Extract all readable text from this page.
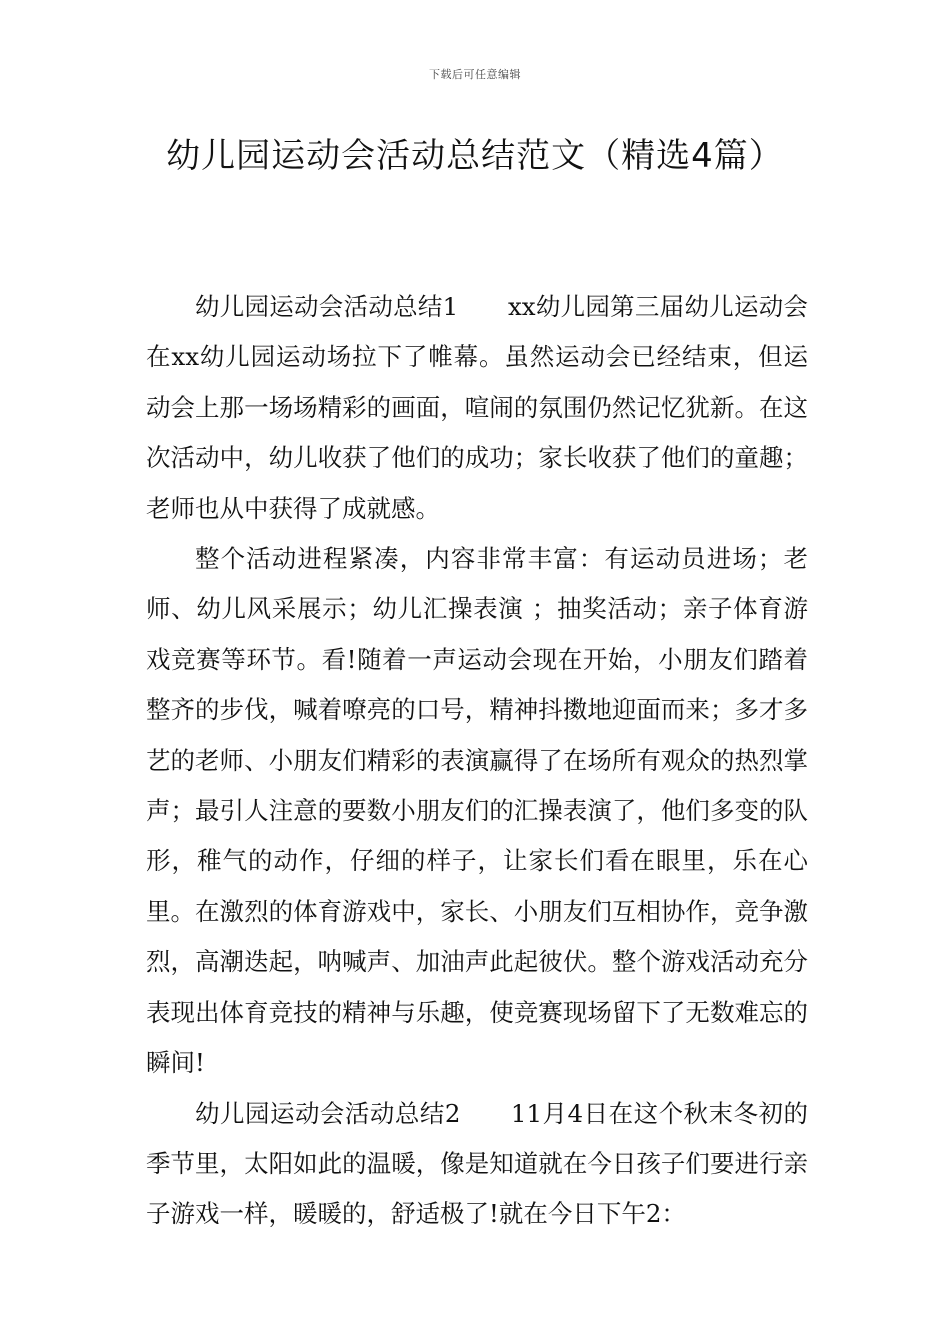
下载后可任意编辑
幼儿园运动会活动总结范文（精选4篇）

幼儿园运动会活动总结1　　xx幼儿园第三届幼儿运动会在xx幼儿园运动场拉下了帷幕。虽然运动会已经结束，但运动会上那一场场精彩的画面，喧闹的氛围仍然记忆犹新。在这次活动中，幼儿收获了他们的成功；家长收获了他们的童趣；老师也从中获得了成就感。

整个活动进程紧凑，内容非常丰富：有运动员进场；老师、幼儿风采展示；幼儿汇操表演 ；抽奖活动；亲子体育游戏竞赛等环节。看!随着一声运动会现在开始，小朋友们踏着整齐的步伐，喊着嘹亮的口号，精神抖擞地迎面而来；多才多艺的老师、小朋友们精彩的表演赢得了在场所有观众的热烈掌声；最引人注意的要数小朋友们的汇操表演了，他们多变的队形，稚气的动作，仔细的样子，让家长们看在眼里，乐在心里。在激烈的体育游戏中，家长、小朋友们互相协作，竞争激烈，高潮迭起，呐喊声、加油声此起彼伏。整个游戏活动充分表现出体育竞技的精神与乐趣，使竞赛现场留下了无数难忘的瞬间!

幼儿园运动会活动总结2　　11月4日在这个秋末冬初的季节里，太阳如此的温暖，像是知道就在今日孩子们要进行亲子游戏一样，暖暖的，舒适极了!就在今日下午2：
